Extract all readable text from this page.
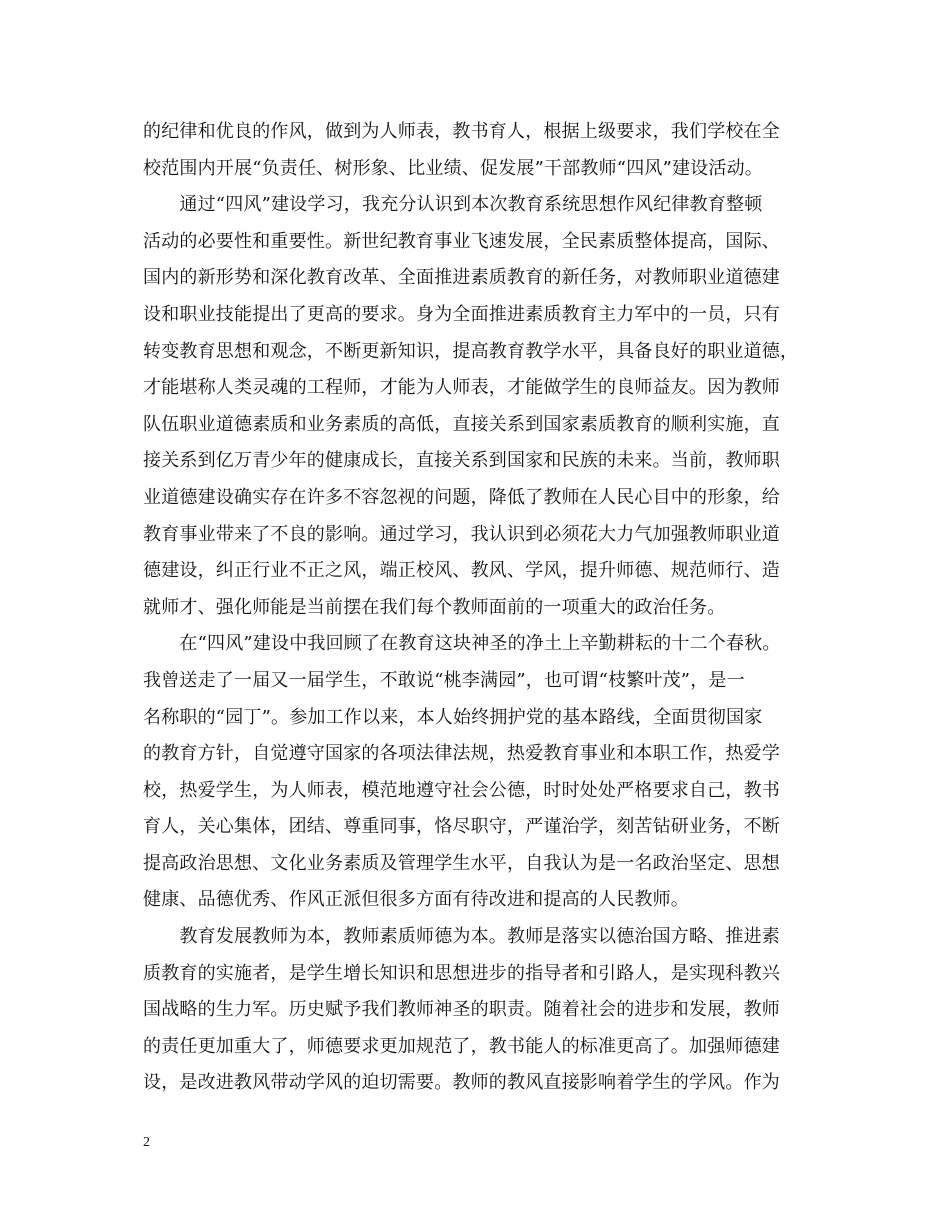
的纪律和优良的作风，做到为人师表，教书育人，根据上级要求，我们学校在全
校范围内开展“负责任、树形象、比业绩、促发展”干部教师“四风”建设活动。
　　通过“四风”建设学习，我充分认识到本次教育系统思想作风纪律教育整顿
活动的必要性和重要性。新世纪教育事业飞速发展，全民素质整体提高，国际、
国内的新形势和深化教育改革、全面推进素质教育的新任务，对教师职业道德建
设和职业技能提出了更高的要求。身为全面推进素质教育主力军中的一员，只有
转变教育思想和观念，不断更新知识，提高教育教学水平，具备良好的职业道德，
才能堪称人类灵魂的工程师，才能为人师表，才能做学生的良师益友。因为教师
队伍职业道德素质和业务素质的高低，直接关系到国家素质教育的顺利实施，直
接关系到亿万青少年的健康成长，直接关系到国家和民族的未来。当前，教师职
业道德建设确实存在许多不容忽视的问题，降低了教师在人民心目中的形象，给
教育事业带来了不良的影响。通过学习，我认识到必须花大力气加强教师职业道
德建设，纠正行业不正之风，端正校风、教风、学风，提升师德、规范师行、造
就师才、强化师能是当前摆在我们每个教师面前的一项重大的政治任务。
　　在“四风”建设中我回顾了在教育这块神圣的净土上辛勤耕耘的十二个春秋。
我曾送走了一届又一届学生，不敢说“桃李满园”，也可谓“枝繁叶茂”，是一
名称职的“园丁”。参加工作以来，本人始终拥护党的基本路线，全面贯彻国家
的教育方针，自觉遵守国家的各项法律法规，热爱教育事业和本职工作，热爱学
校，热爱学生，为人师表，模范地遵守社会公德，时时处处严格要求自己，教书
育人，关心集体，团结、尊重同事，恪尽职守，严谨治学，刻苦钻研业务，不断
提高政治思想、文化业务素质及管理学生水平，自我认为是一名政治坚定、思想
健康、品德优秀、作风正派但很多方面有待改进和提高的人民教师。
　　教育发展教师为本，教师素质师德为本。教师是落实以德治国方略、推进素
质教育的实施者，是学生增长知识和思想进步的指导者和引路人，是实现科教兴
国战略的生力军。历史赋予我们教师神圣的职责。随着社会的进步和发展，教师
的责任更加重大了，师德要求更加规范了，教书能人的标准更高了。加强师德建
设，是改进教风带动学风的迫切需要。教师的教风直接影响着学生的学风。作为
2
